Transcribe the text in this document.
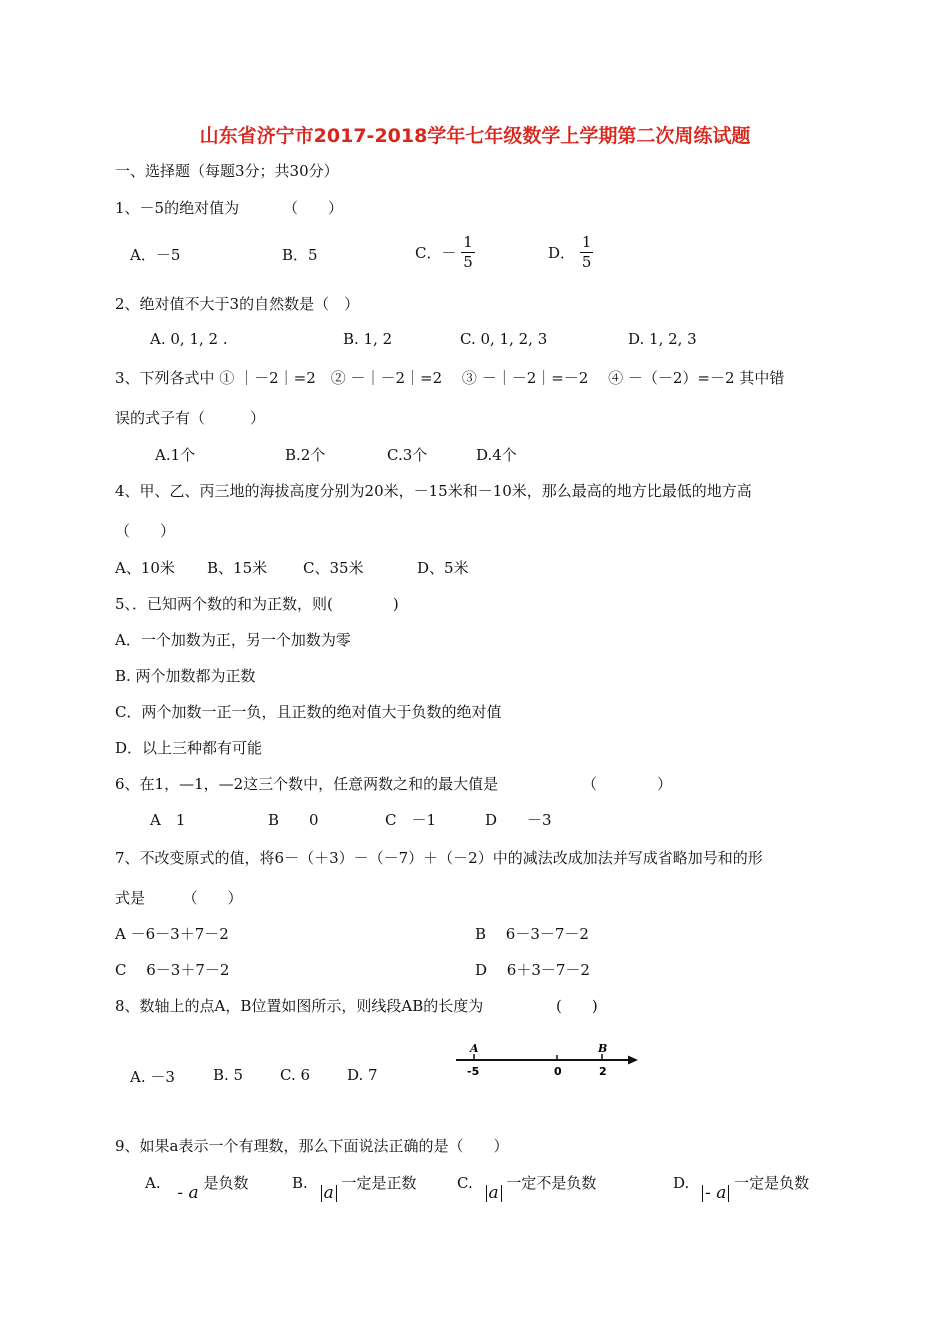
山东省济宁市2017-2018学年七年级数学上学期第二次周练试题
一、选择题（每题3分；共30分）
1、－5的绝对值为	（　　）
A．－5	B．5	C．－ $\frac{1}{5}$	D． $\frac{1}{5}$
2、绝对值不大于3的自然数是（　）
A. 0, 1, 2 .	B. 1, 2	C. 0, 1, 2, 3	D. 1, 2, 3
3、下列各式中 ① ｜－2｜=2　② －｜－2｜=2　 ③ －｜－2｜=－2　 ④ －（－2）=－2 其中错
误的式子有（　　　）
A.1个	B.2个	C.3个	D.4个
4、甲、乙、丙三地的海拔高度分别为20米，－15米和－10米，那么最高的地方比最低的地方高
（　　）
A、10米 B、15米 C、35米	D、5米
5、．已知两个数的和为正数，则(　　　　)
A．一个加数为正，另一个加数为零
B. 两个加数都为正数
C．两个加数一正一负，且正数的绝对值大于负数的绝对值
D．以上三种都有可能
6、在1，—1，—2这三个数中，任意两数之和的最大值是	（　　　　）
A　1	B　　0	C　－1	D　　－3
7、不改变原式的值，将6－（＋3）－（－7）＋（－2）中的减法改成加法并写成省略加号和的形
式是　　　（　　）
A －6－3＋7－2	B　 6－3－7－2
C　 6－3＋7－2	D　 6＋3－7－2
8、数轴上的点A，B位置如图所示，则线段AB的长度为	(　　)
A. －3	B. 5 C. 6 D. 7
A	B
-5	0	2
9、如果a表示一个有理数，那么下面说法正确的是（　　）
A. - a 是负数	B. a 一定是正数	C. a 一定不是负数	D. - a 一定是负数
